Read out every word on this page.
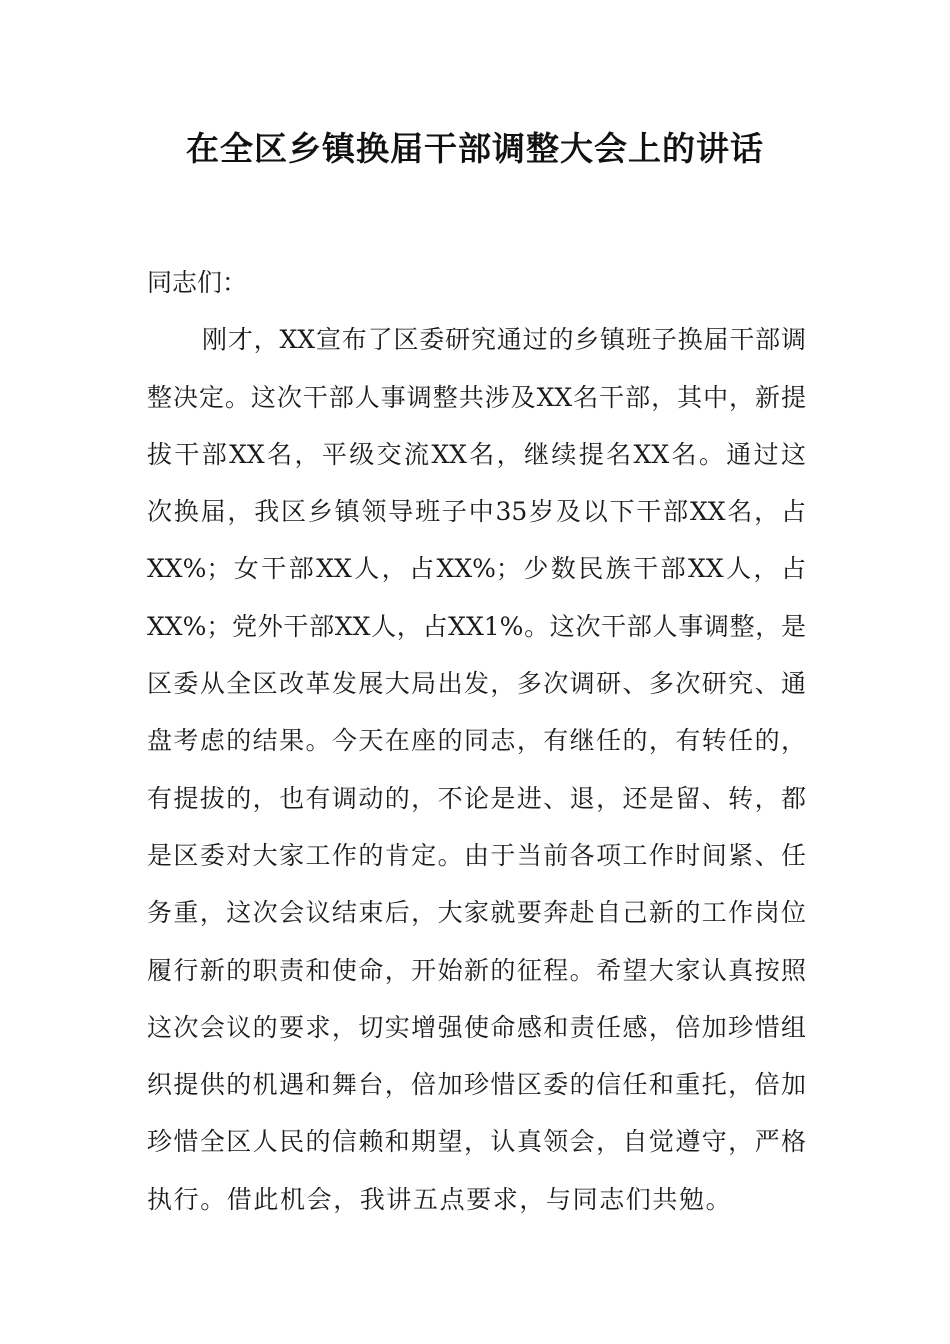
在全区乡镇换届干部调整大会上的讲话
同志们：
刚才，XX宣布了区委研究通过的乡镇班子换届干部调
整决定。这次干部人事调整共涉及XX名干部，其中，新提
拔干部XX名，平级交流XX名，继续提名XX名。通过这
次换届，我区乡镇领导班子中35岁及以下干部XX名，占
XX%；女干部XX人，占XX%；少数民族干部XX人，占
XX%；党外干部XX人，占XX1%。这次干部人事调整，是
区委从全区改革发展大局出发，多次调研、多次研究、通
盘考虑的结果。今天在座的同志，有继任的，有转任的，
有提拔的，也有调动的，不论是进、退，还是留、转，都
是区委对大家工作的肯定。由于当前各项工作时间紧、任
务重，这次会议结束后，大家就要奔赴自己新的工作岗位
履行新的职责和使命，开始新的征程。希望大家认真按照
这次会议的要求，切实增强使命感和责任感，倍加珍惜组
织提供的机遇和舞台，倍加珍惜区委的信任和重托，倍加
珍惜全区人民的信赖和期望，认真领会，自觉遵守，严格
执行。借此机会，我讲五点要求，与同志们共勉。
